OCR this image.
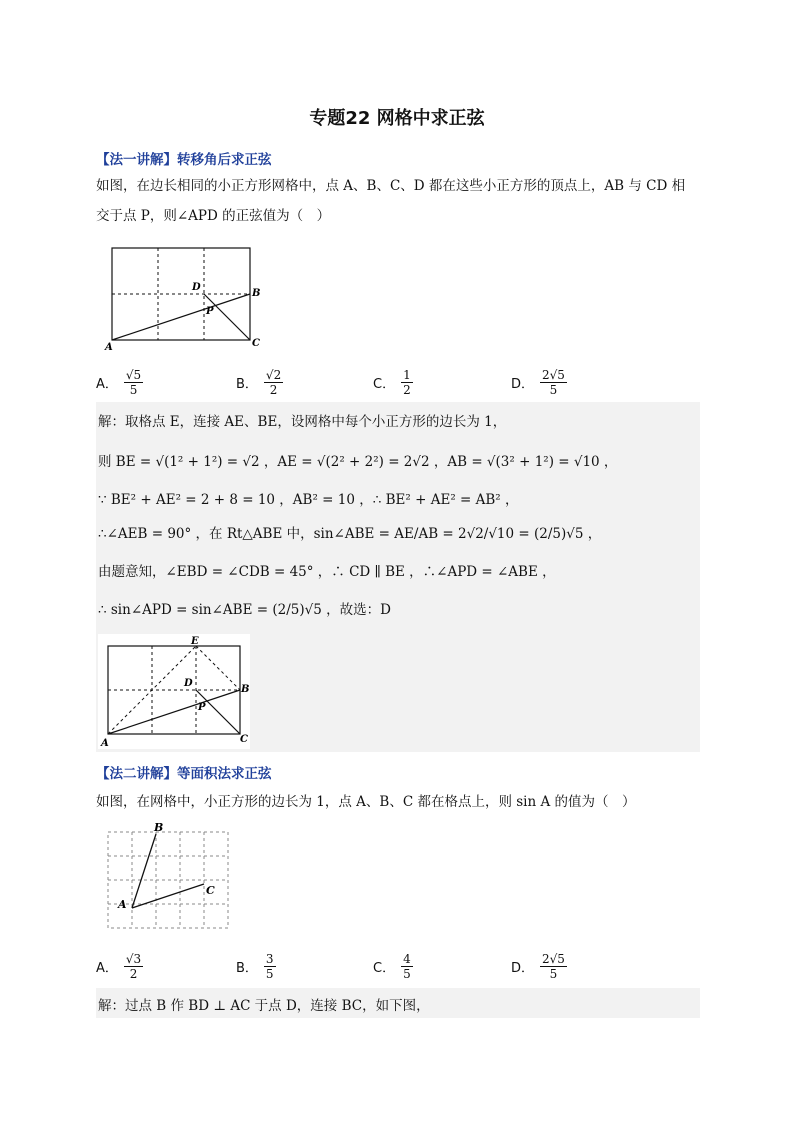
专题22 网格中求正弦
【法一讲解】转移角后求正弦
如图，在边长相同的小正方形网格中，点 A、B、C、D 都在这些小正方形的顶点上，AB 与 CD 相
交于点 P，则∠APD 的正弦值为（　）
A
B
C
D
P
A． $\frac{√5}{5}$	B． $\frac{√2}{2}$	C． $\frac{1}{2}$	D． $\frac{2√5}{5}$
解：取格点 E，连接 AE、BE，设网格中每个小正方形的边长为 1，
则 BE = √(1² + 1²) = √2 ，AE = √(2² + 2²) = 2√2 ，AB = √(3² + 1²) = √10 ，
∵ BE² + AE² = 2 + 8 = 10 ，AB² = 10 ，∴ BE² + AE² = AB² ，
∴∠AEB = 90° ，在 Rt△ABE 中，sin∠ABE = AE/AB = 2√2/√10 = (2/5)√5 ，
由题意知，∠EBD = ∠CDB = 45° ，∴ CD ∥ BE ，∴∠APD = ∠ABE ，
∴ sin∠APD = sin∠ABE = (2/5)√5 ，故选：D
A
B
C
D
E
P
【法二讲解】等面积法求正弦
如图，在网格中，小正方形的边长为 1，点 A、B、C 都在格点上，则 sin A 的值为（　）
A
B
C
A． $\frac{√3}{2}$	B． $\frac{3}{5}$	C． $\frac{4}{5}$	D． $\frac{2√5}{5}$
解：过点 B 作 BD ⊥ AC 于点 D，连接 BC，如下图，
